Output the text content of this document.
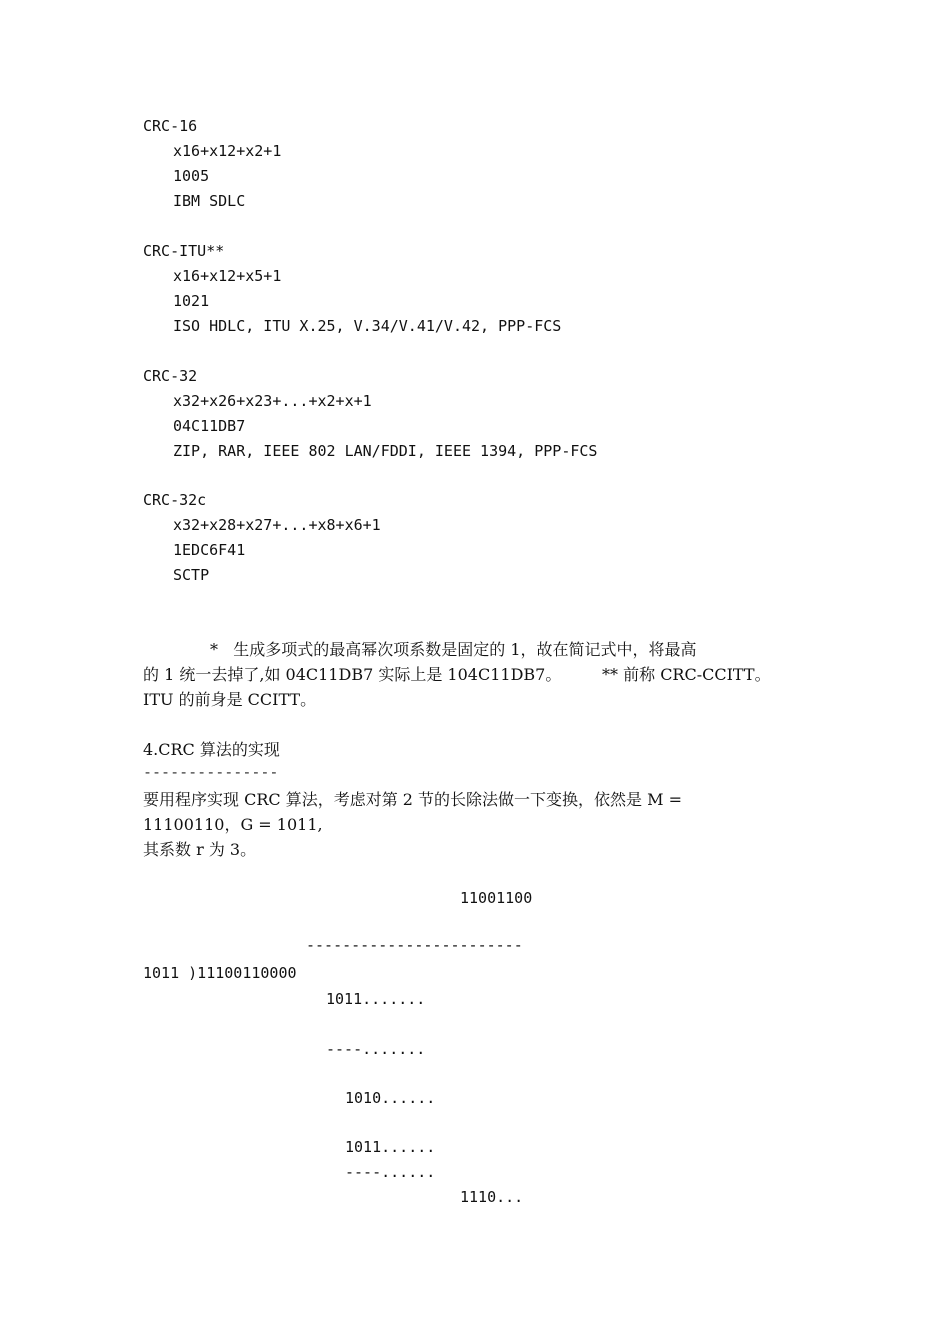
CRC-16
x16+x12+x2+1
1005
IBM SDLC
CRC-ITU**
x16+x12+x5+1
1021
ISO HDLC, ITU X.25, V.34/V.41/V.42, PPP-FCS
CRC-32
x32+x26+x23+...+x2+x+1
04C11DB7
ZIP, RAR, IEEE 802 LAN/FDDI, IEEE 1394, PPP-FCS
CRC-32c
x32+x28+x27+...+x8+x6+1
1EDC6F41
SCTP
*   生成多项式的最高幂次项系数是固定的 1，故在简记式中，将最高
的 1 统一去掉了,如 04C11DB7 实际上是 104C11DB7。        ** 前称 CRC-CCITT。
ITU 的前身是 CCITT。
4.CRC 算法的实现
---------------
要用程序实现 CRC 算法，考虑对第 2 节的长除法做一下变换，依然是 M =
11100110，G = 1011,
其系数 r 为 3。
11001100
------------------------
1011 )11100110000
1011.......
----.......
1010......
1011......
----......
1110...
